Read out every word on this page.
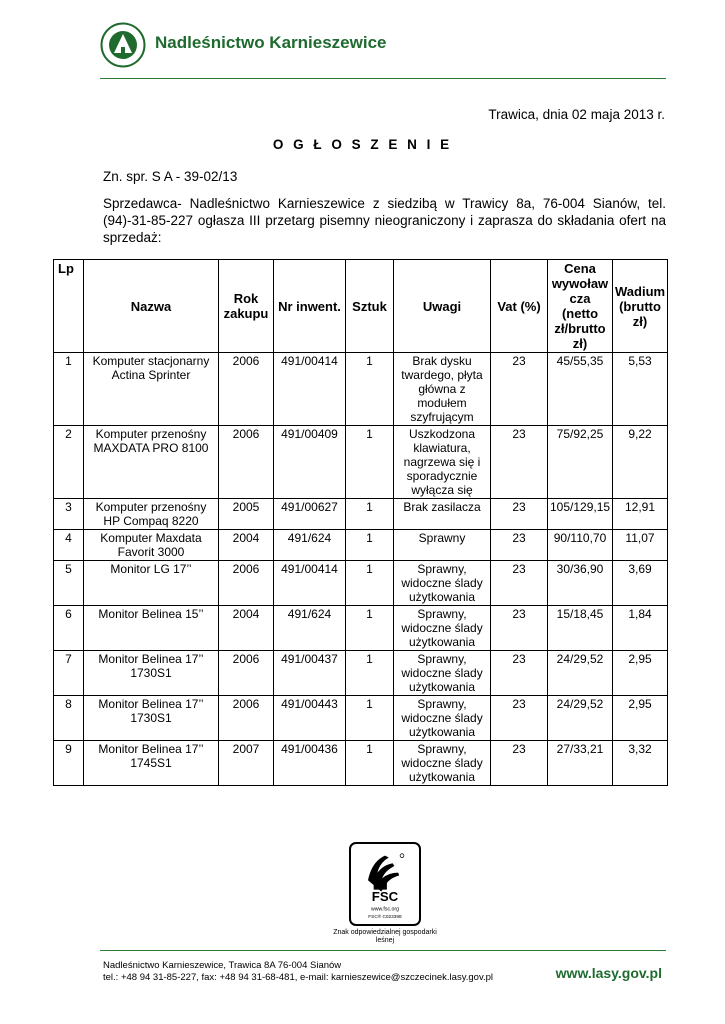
Nadleśnictwo Karnieszewice
Trawica, dnia 02 maja 2013 r.
O G Ł O S Z E N I E
Zn. spr. S A - 39-02/13
Sprzedawca- Nadleśnictwo Karnieszewice z siedzibą w Trawicy 8a, 76-004 Sianów, tel.(94)-31-85-227 ogłasza III przetarg pisemny nieograniczony i zaprasza do składania ofert na sprzedaż:
Lp	Nazwa	Rok zakupu	Nr inwent.	Sztuk	Uwagi	Vat (%)	Cena wywoław cza (netto zł/brutto zł)	Wadium (brutto zł)
1	Komputer stacjonarny Actina Sprinter	2006	491/00414	1	Brak dysku twardego, płyta główna z modułem szyfrującym	23	45/55,35	5,53
2	Komputer przenośny MAXDATA PRO 8100	2006	491/00409	1	Uszkodzona klawiatura, nagrzewa się i sporadycznie wyłącza się	23	75/92,25	9,22
3	Komputer przenośny HP Compaq 8220	2005	491/00627	1	Brak zasilacza	23	105/129,15	12,91
4	Komputer Maxdata Favorit 3000	2004	491/624	1	Sprawny	23	90/110,70	11,07
5	Monitor LG 17’’	2006	491/00414	1	Sprawny, widoczne ślady użytkowania	23	30/36,90	3,69
6	Monitor Belinea 15’’	2004	491/624	1	Sprawny, widoczne ślady użytkowania	23	15/18,45	1,84
7	Monitor Belinea 17’’ 1730S1	2006	491/00437	1	Sprawny, widoczne ślady użytkowania	23	24/29,52	2,95
8	Monitor Belinea 17’’ 1730S1	2006	491/00443	1	Sprawny, widoczne ślady użytkowania	23	24/29,52	2,95
9	Monitor Belinea 17’’ 1745S1	2007	491/00436	1	Sprawny, widoczne ślady użytkowania	23	27/33,21	3,32
FSC
www.fsc.org
FSC® C023398
Znak odpowiedzialnej gospodarki leśnej
Nadleśnictwo Karnieszewice, Trawica 8A 76-004 Sianów
tel.: +48 94 31-85-227, fax: +48 94 31-68-481, e-mail: karnieszewice@szczecinek.lasy.gov.pl	www.lasy.gov.pl
